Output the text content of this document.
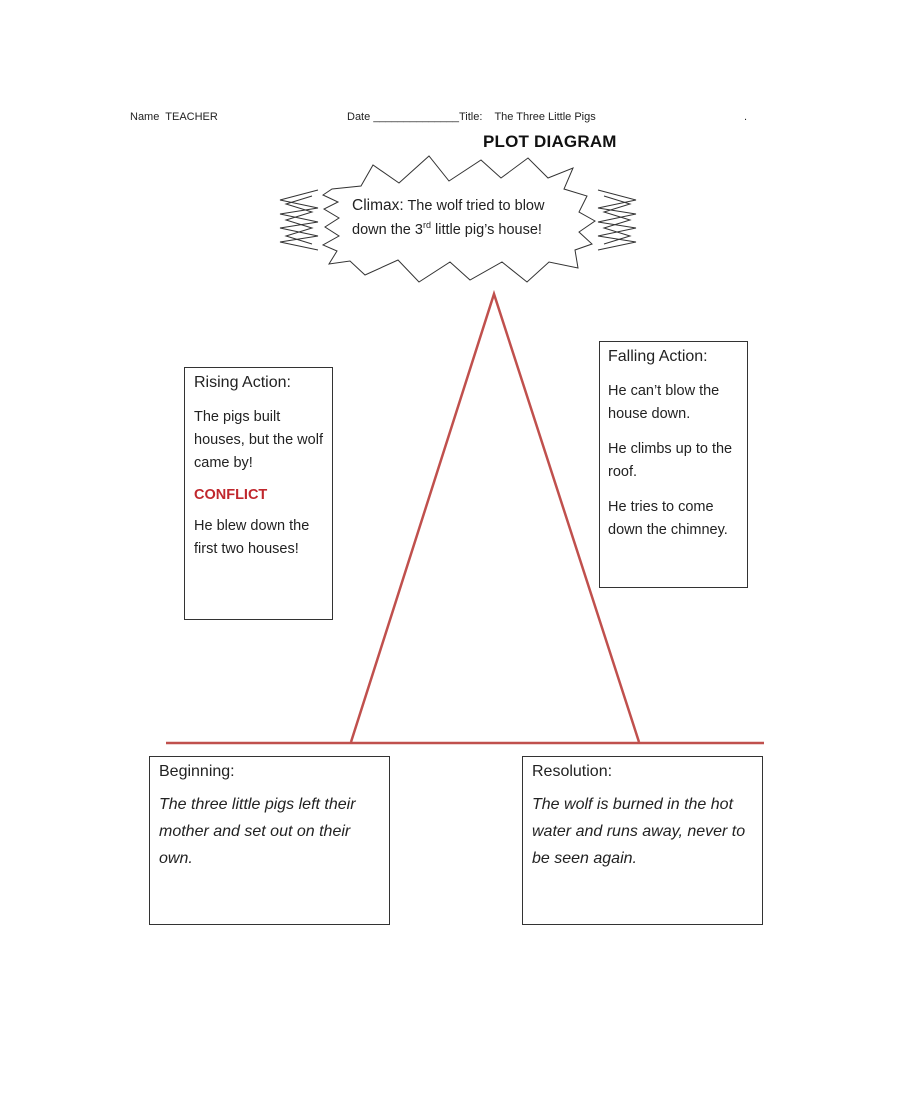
Name TEACHER	Date ______________Title: The Three Little Pigs	.
PLOT DIAGRAM
Climax: The wolf tried to blow
down the 3rd little pig’s house!
Rising Action:

The pigs built houses, but the wolf came by!

CONFLICT

He blew down the first two houses!

Falling Action:

He can’t blow the house down.

He climbs up to the roof.

He tries to come down the chimney.

Beginning:

The three little pigs left their mother and set out on their own.

Resolution:

The wolf is burned in the hot water and runs away, never to be seen again.
